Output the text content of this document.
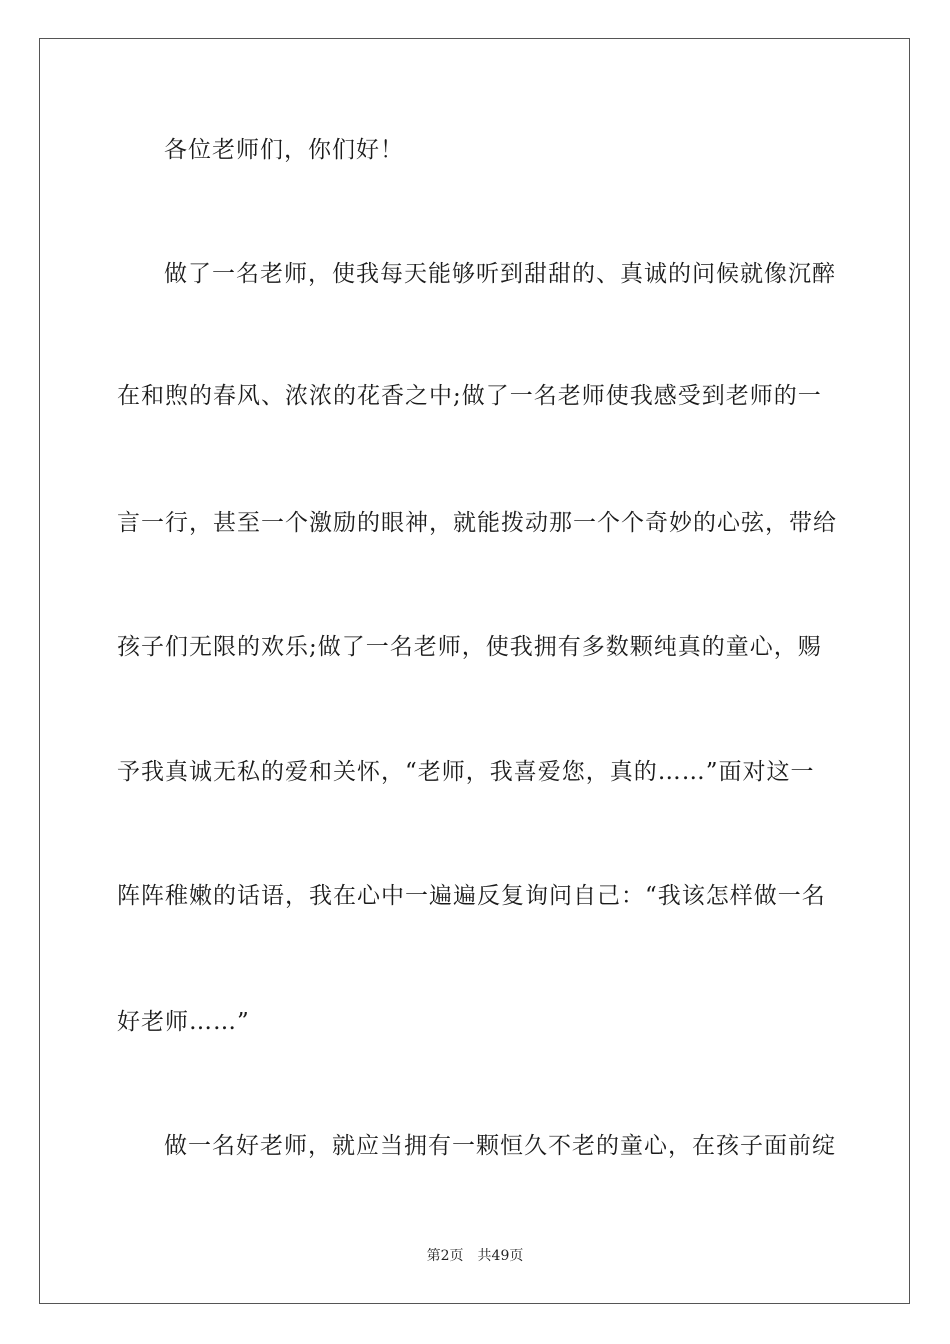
各位老师们，你们好！
做了一名老师，使我每天能够听到甜甜的、真诚的问候就像沉醉
在和煦的春风、浓浓的花香之中;做了一名老师使我感受到老师的一
言一行，甚至一个激励的眼神，就能拨动那一个个奇妙的心弦，带给
孩子们无限的欢乐;做了一名老师，使我拥有多数颗纯真的童心，赐
予我真诚无私的爱和关怀，“老师，我喜爱您，真的……”面对这一
阵阵稚嫩的话语，我在心中一遍遍反复询问自己：“我该怎样做一名
好老师……”
做一名好老师，就应当拥有一颗恒久不老的童心，在孩子面前绽
第2页 共49页
